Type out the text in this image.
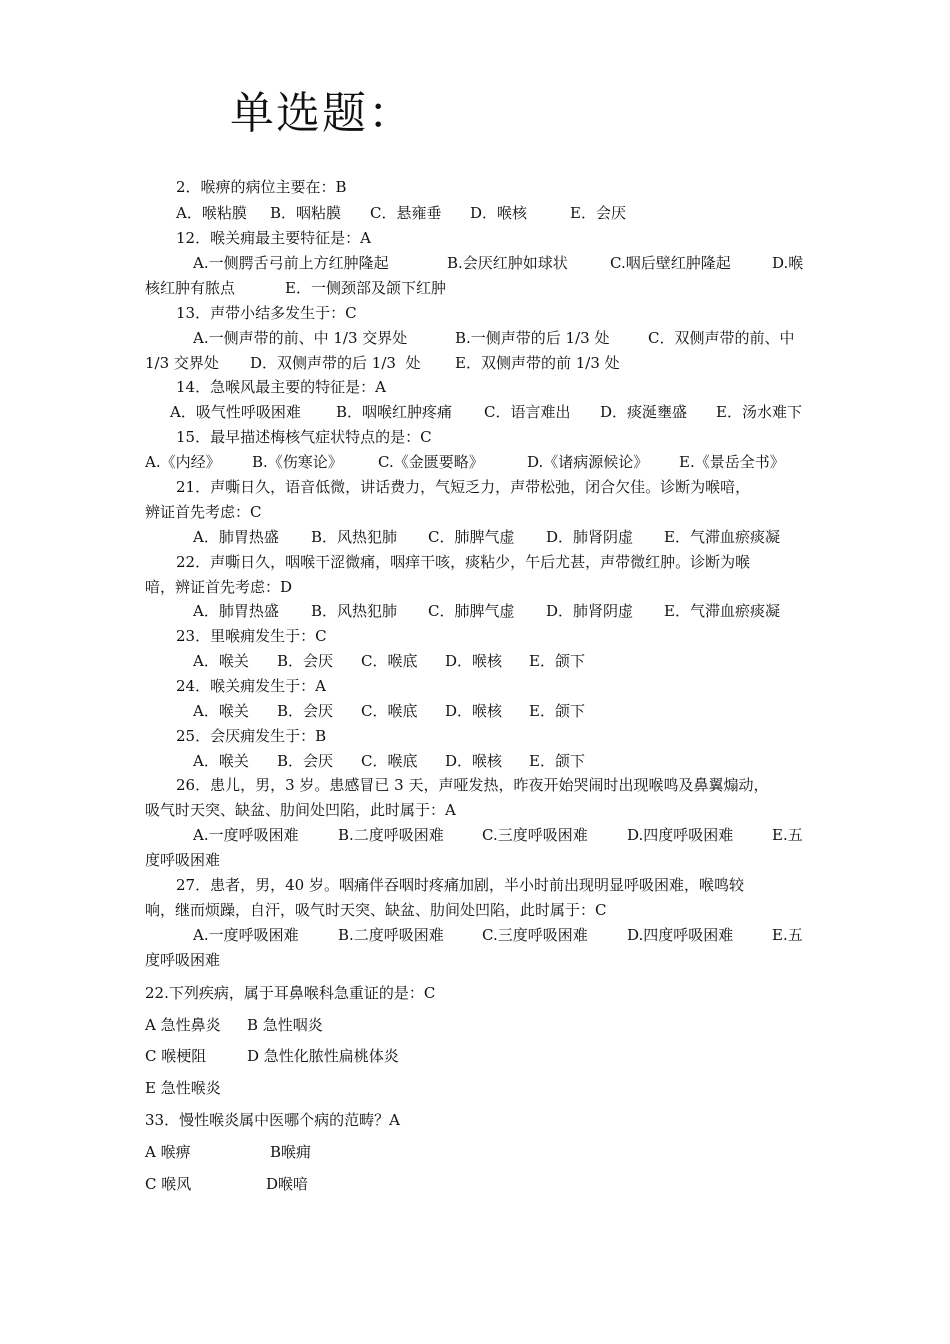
单选题：
2．喉痹的病位主要在：B
A．喉粘膜 B．咽粘膜 C．悬雍垂 D．喉核	E．会厌
12．喉关痈最主要特征是：A
A.一侧腭舌弓前上方红肿隆起	B.会厌红肿如球状	C.咽后壁红肿隆起	D.喉
核红肿有脓点	E．一侧颈部及颌下红肿
13．声带小结多发生于：C
A.一侧声带的前、中 1/3 交界处	B.一侧声带的后 1/3 处	C．双侧声带的前、中
1/3 交界处 D．双侧声带的后 1/3  处 E．双侧声带的前 1/3 处
14．急喉风最主要的特征是：A
A．吸气性呼吸困难 B．咽喉红肿疼痛 C．语言难出 D．痰涎壅盛 E．汤水难下
15．最早描述梅核气症状特点的是：C
A.《内经》 B.《伤寒论》 C.《金匮要略》	D.《诸病源候论》 E.《景岳全书》
21．声嘶日久，语音低微，讲话费力，气短乏力，声带松弛，闭合欠佳。诊断为喉喑，
辨证首先考虑：C
A．肺胃热盛 B．风热犯肺 C．肺脾气虚 D．肺肾阴虚 E．气滞血瘀痰凝
22．声嘶日久，咽喉干涩微痛，咽痒干咳，痰粘少，午后尤甚，声带微红肿。诊断为喉
喑，辨证首先考虑：D
A．肺胃热盛 B．风热犯肺 C．肺脾气虚 D．肺肾阴虚 E．气滞血瘀痰凝
23．里喉痈发生于：C
A．喉关 B．会厌 C．喉底 D．喉核 E．颌下
24．喉关痈发生于：A
A．喉关 B．会厌 C．喉底 D．喉核 E．颌下
25．会厌痈发生于：B
A．喉关 B．会厌 C．喉底 D．喉核 E．颌下
26．患儿，男，3 岁。患感冒已 3 天，声哑发热，昨夜开始哭闹时出现喉鸣及鼻翼煽动，
吸气时天突、缺盆、肋间处凹陷，此时属于：A
A.一度呼吸困难	B.二度呼吸困难	C.三度呼吸困难	D.四度呼吸困难	E.五
度呼吸困难
27．患者，男，40 岁。咽痛伴吞咽时疼痛加剧，半小时前出现明显呼吸困难，喉鸣较
响，继而烦躁，自汗，吸气时天突、缺盆、肋间处凹陷，此时属于：C
A.一度呼吸困难	B.二度呼吸困难	C.三度呼吸困难	D.四度呼吸困难	E.五
度呼吸困难
22.下列疾病，属于耳鼻喉科急重证的是：C
A 急性鼻炎 B 急性咽炎
C 喉梗阻	D 急性化脓性扁桃体炎
E 急性喉炎
33．慢性喉炎属中医哪个病的范畴？A
A 喉痹	B喉痈
C 喉风	D喉喑
